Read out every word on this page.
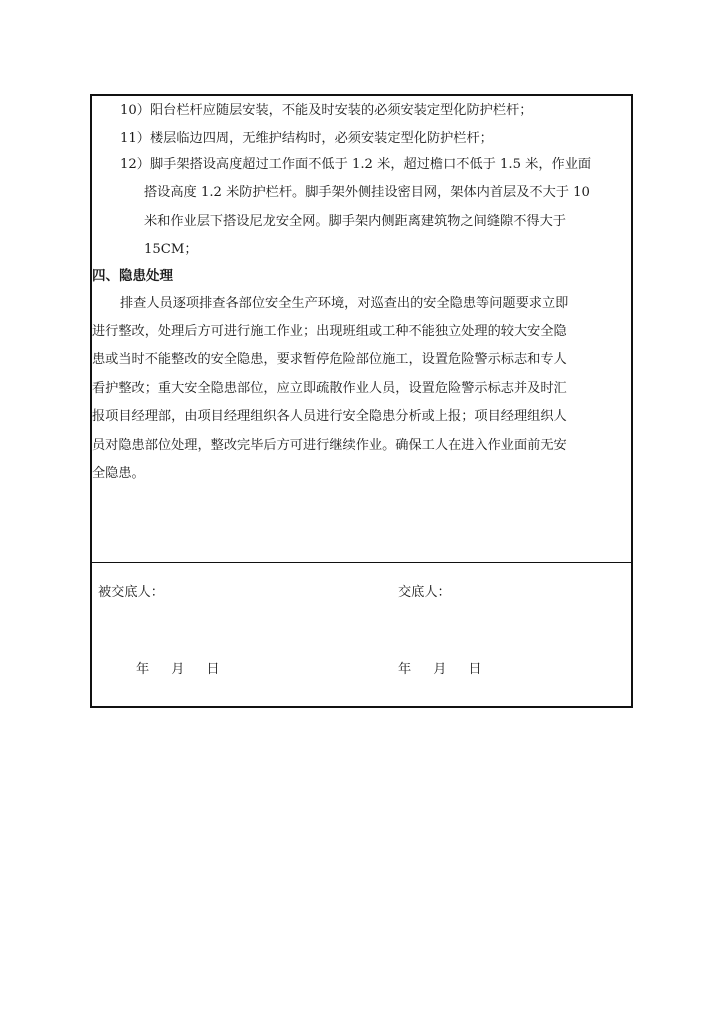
10）阳台栏杆应随层安装，不能及时安装的必须安装定型化防护栏杆；
11）楼层临边四周，无维护结构时，必须安装定型化防护栏杆；
12）脚手架搭设高度超过工作面不低于 1.2 米，超过檐口不低于 1.5 米，作业面
搭设高度 1.2 米防护栏杆。脚手架外侧挂设密目网，架体内首层及不大于 10
米和作业层下搭设尼龙安全网。脚手架内侧距离建筑物之间缝隙不得大于
15CM；
四、隐患处理
排查人员逐项排查各部位安全生产环境，对巡查出的安全隐患等问题要求立即
进行整改，处理后方可进行施工作业；出现班组或工种不能独立处理的较大安全隐
患或当时不能整改的安全隐患，要求暂停危险部位施工，设置危险警示标志和专人
看护整改；重大安全隐患部位，应立即疏散作业人员，设置危险警示标志并及时汇
报项目经理部，由项目经理组织各人员进行安全隐患分析或上报；项目经理组织人
员对隐患部位处理，整改完毕后方可进行继续作业。确保工人在进入作业面前无安
全隐患。
被交底人：	交底人：
年 月 日	年 月 日
